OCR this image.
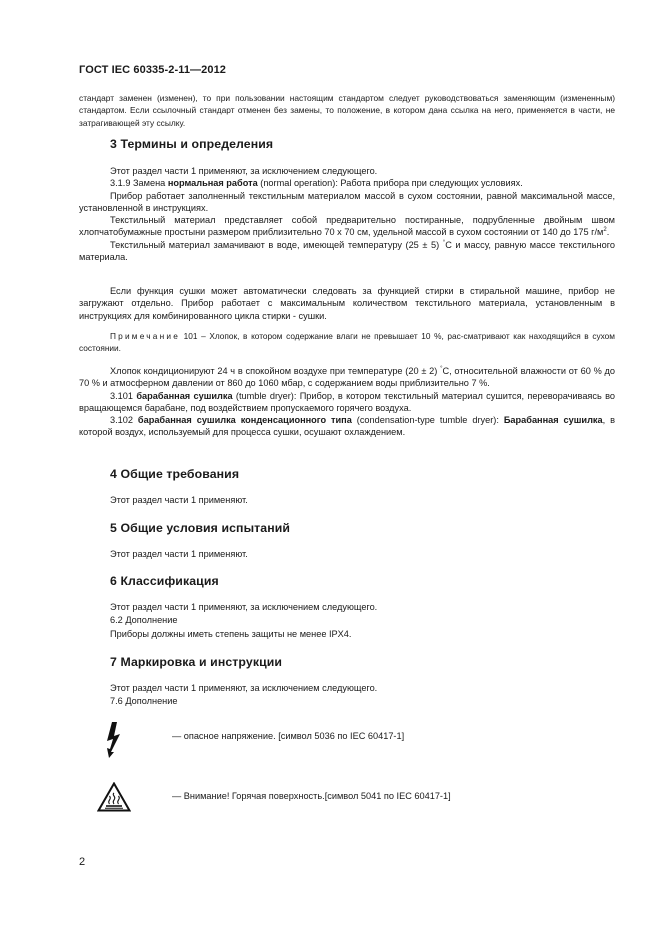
ГОСТ IEC 60335-2-11—2012

стандарт заменен (изменен), то при пользовании настоящим стандартом следует руководствоваться заменяющим (измененным) стандартом. Если ссылочный стандарт отменен без замены, то положение, в котором дана ссылка на него, применяется в части, не затрагивающей эту ссылку.

3 Термины и определения

Этот раздел части 1 применяют, за исключением следующего.

3.1.9 Замена нормальная работа (normal operation): Работа прибора при следующих условиях.

Прибор работает заполненный текстильным материалом массой в сухом состоянии, равной максимальной массе, установленной в инструкциях.

Текстильный материал представляет собой предварительно постиранные, подрубленные двойным швом хлопчатобумажные простыни размером приблизительно 70 х 70 см, удельной массой в сухом состоянии от 140 до 175 $г/м^2$.

Текстильный материал замачивают в воде, имеющей температуру (25 ± 5) °С и массу, равную массе текстильного материала.

Если функция сушки может автоматически следовать за функцией стирки в стиральной машине, прибор не загружают отдельно. Прибор работает с максимальным количеством текстильного материала, установленным в инструкциях для комбинированного цикла стирки - сушки.

Примечание 101 – Хлопок, в котором содержание влаги не превышает 10 %, рас-сматривают как находящийся в сухом состоянии.

Хлопок кондиционируют 24 ч в спокойном воздухе при температуре (20 ± 2) °С, относительной влажности от 60 % до 70 % и атмосферном давлении от 860 до 1060 мбар, с содержанием воды приблизительно 7 %.

3.101 барабанная сушилка (tumble dryer): Прибор, в котором текстильный материал сушится, переворачиваясь во вращающемся барабане, под воздействием пропускаемого горячего воздуха.

3.102 барабанная сушилка конденсационного типа (condensation-type tumble dryer): Барабанная сушилка, в которой воздух, используемый для процесса сушки, осушают охлаждением.

4 Общие требования
Этот раздел части 1 применяют.
5 Общие условия испытаний
Этот раздел части 1 применяют.
6 Классификация
Этот раздел части 1 применяют, за исключением следующего.
6.2 Дополнение
Приборы должны иметь степень защиты не менее IPX4.
7 Маркировка и инструкции
Этот раздел части 1 применяют, за исключением следующего.
7.6 Дополнение
— опасное напряжение. [символ 5036 по IEC 60417-1]
— Внимание! Горячая поверхность.[символ 5041 по IEC 60417-1]
2
